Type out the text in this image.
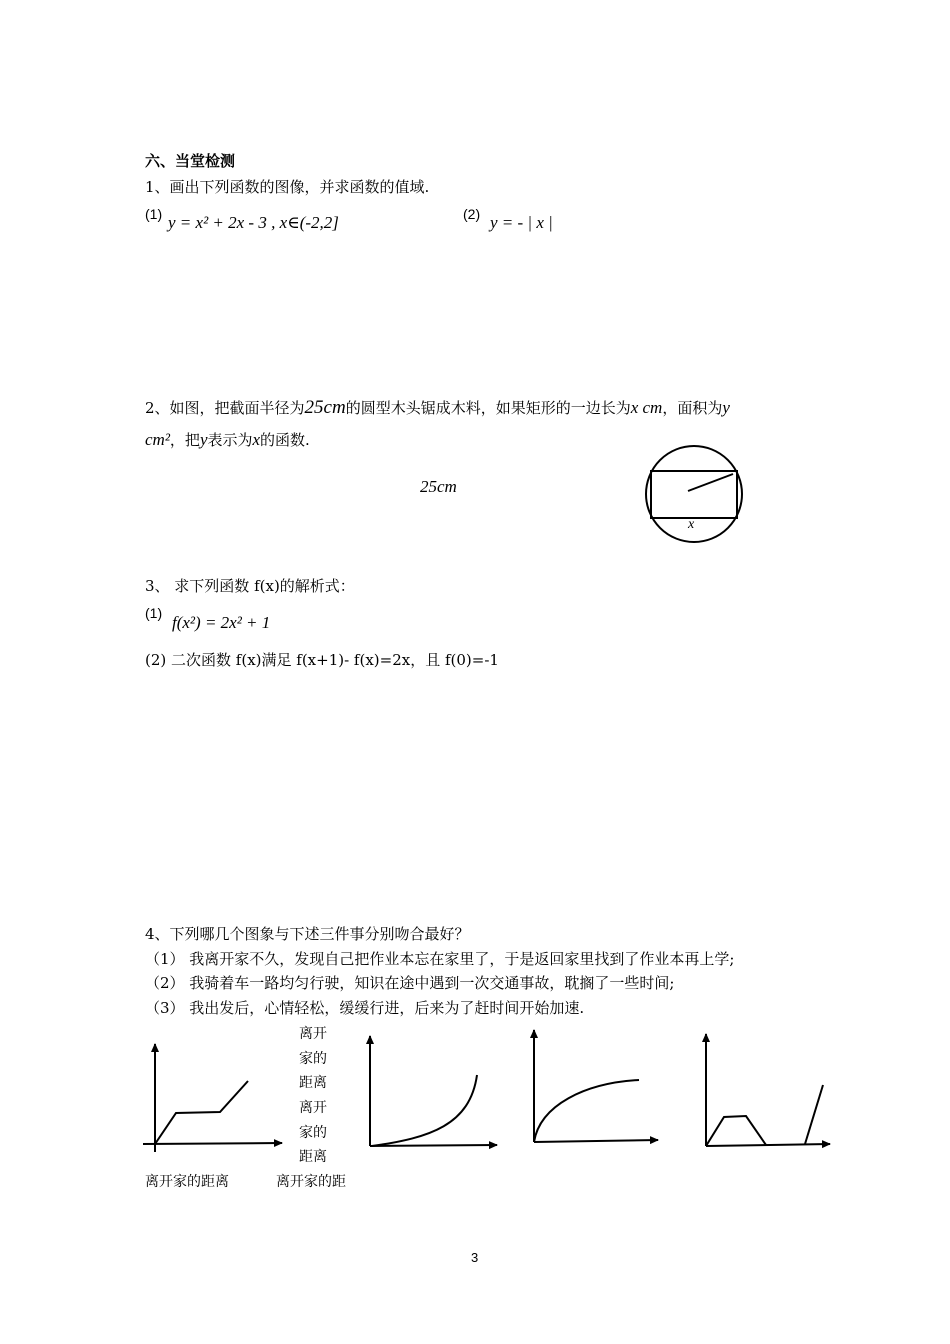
六、当堂检测
1、画出下列函数的图像，并求函数的值域.
(1) y = x² + 2x - 3 , x∈(-2,2]	(2) y = - | x |
2、如图，把截面半径为25cm的圆型木头锯成木料，如果矩形的一边长为x cm，面积为y
cm²，把y表示为x的函数.
25cm
3、 求下列函数 f(x)的解析式：
(1) f(x²) = 2x² + 1
(2) 二次函数 f(x)满足 f(x+1)- f(x)=2x，且 f(0)=-1
4、下列哪几个图象与下述三件事分别吻合最好？
（1） 我离开家不久，发现自己把作业本忘在家里了，于是返回家里找到了作业本再上学;
（2） 我骑着车一路均匀行驶，知识在途中遇到一次交通事故，耽搁了一些时间;
（3） 我出发后，心情轻松，缓缓行进，后来为了赶时间开始加速.
离开家的距离
离开家的距离
离开家的距离	离开家的距
x
3
